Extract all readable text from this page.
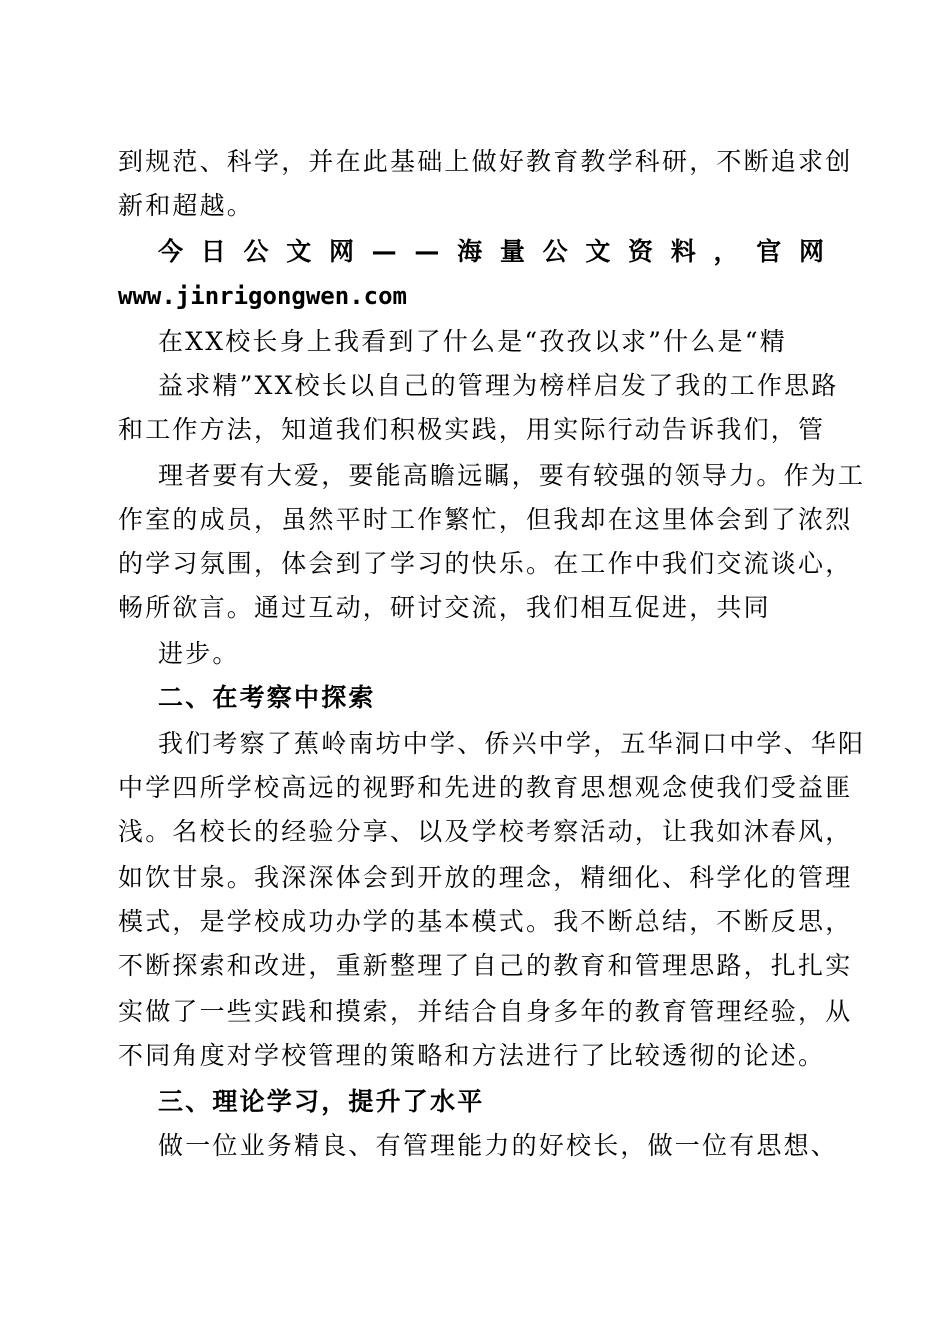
到规范、科学，并在此基础上做好教育教学科研，不断追求创
新和超越。
今 日 公 文 网 — — 海 量 公 文 资 料 ， 官 网
www.jinrigongwen.com
在XX校长身上我看到了什么是“孜孜以求”什么是“精
益求精”XX校长以自己的管理为榜样启发了我的工作思路
和工作方法，知道我们积极实践，用实际行动告诉我们，管
理者要有大爱，要能高瞻远瞩，要有较强的领导力。作为工
作室的成员，虽然平时工作繁忙，但我却在这里体会到了浓烈
的学习氛围，体会到了学习的快乐。在工作中我们交流谈心，
畅所欲言。通过互动，研讨交流，我们相互促进，共同
进步。
二、在考察中探索
我们考察了蕉岭南坊中学、侨兴中学，五华洞口中学、华阳
中学四所学校高远的视野和先进的教育思想观念使我们受益匪
浅。名校长的经验分享、以及学校考察活动，让我如沐春风，
如饮甘泉。我深深体会到开放的理念，精细化、科学化的管理
模式，是学校成功办学的基本模式。我不断总结，不断反思，
不断探索和改进，重新整理了自己的教育和管理思路，扎扎实
实做了一些实践和摸索，并结合自身多年的教育管理经验，从
不同角度对学校管理的策略和方法进行了比较透彻的论述。
三、理论学习，提升了水平
做一位业务精良、有管理能力的好校长，做一位有思想、
